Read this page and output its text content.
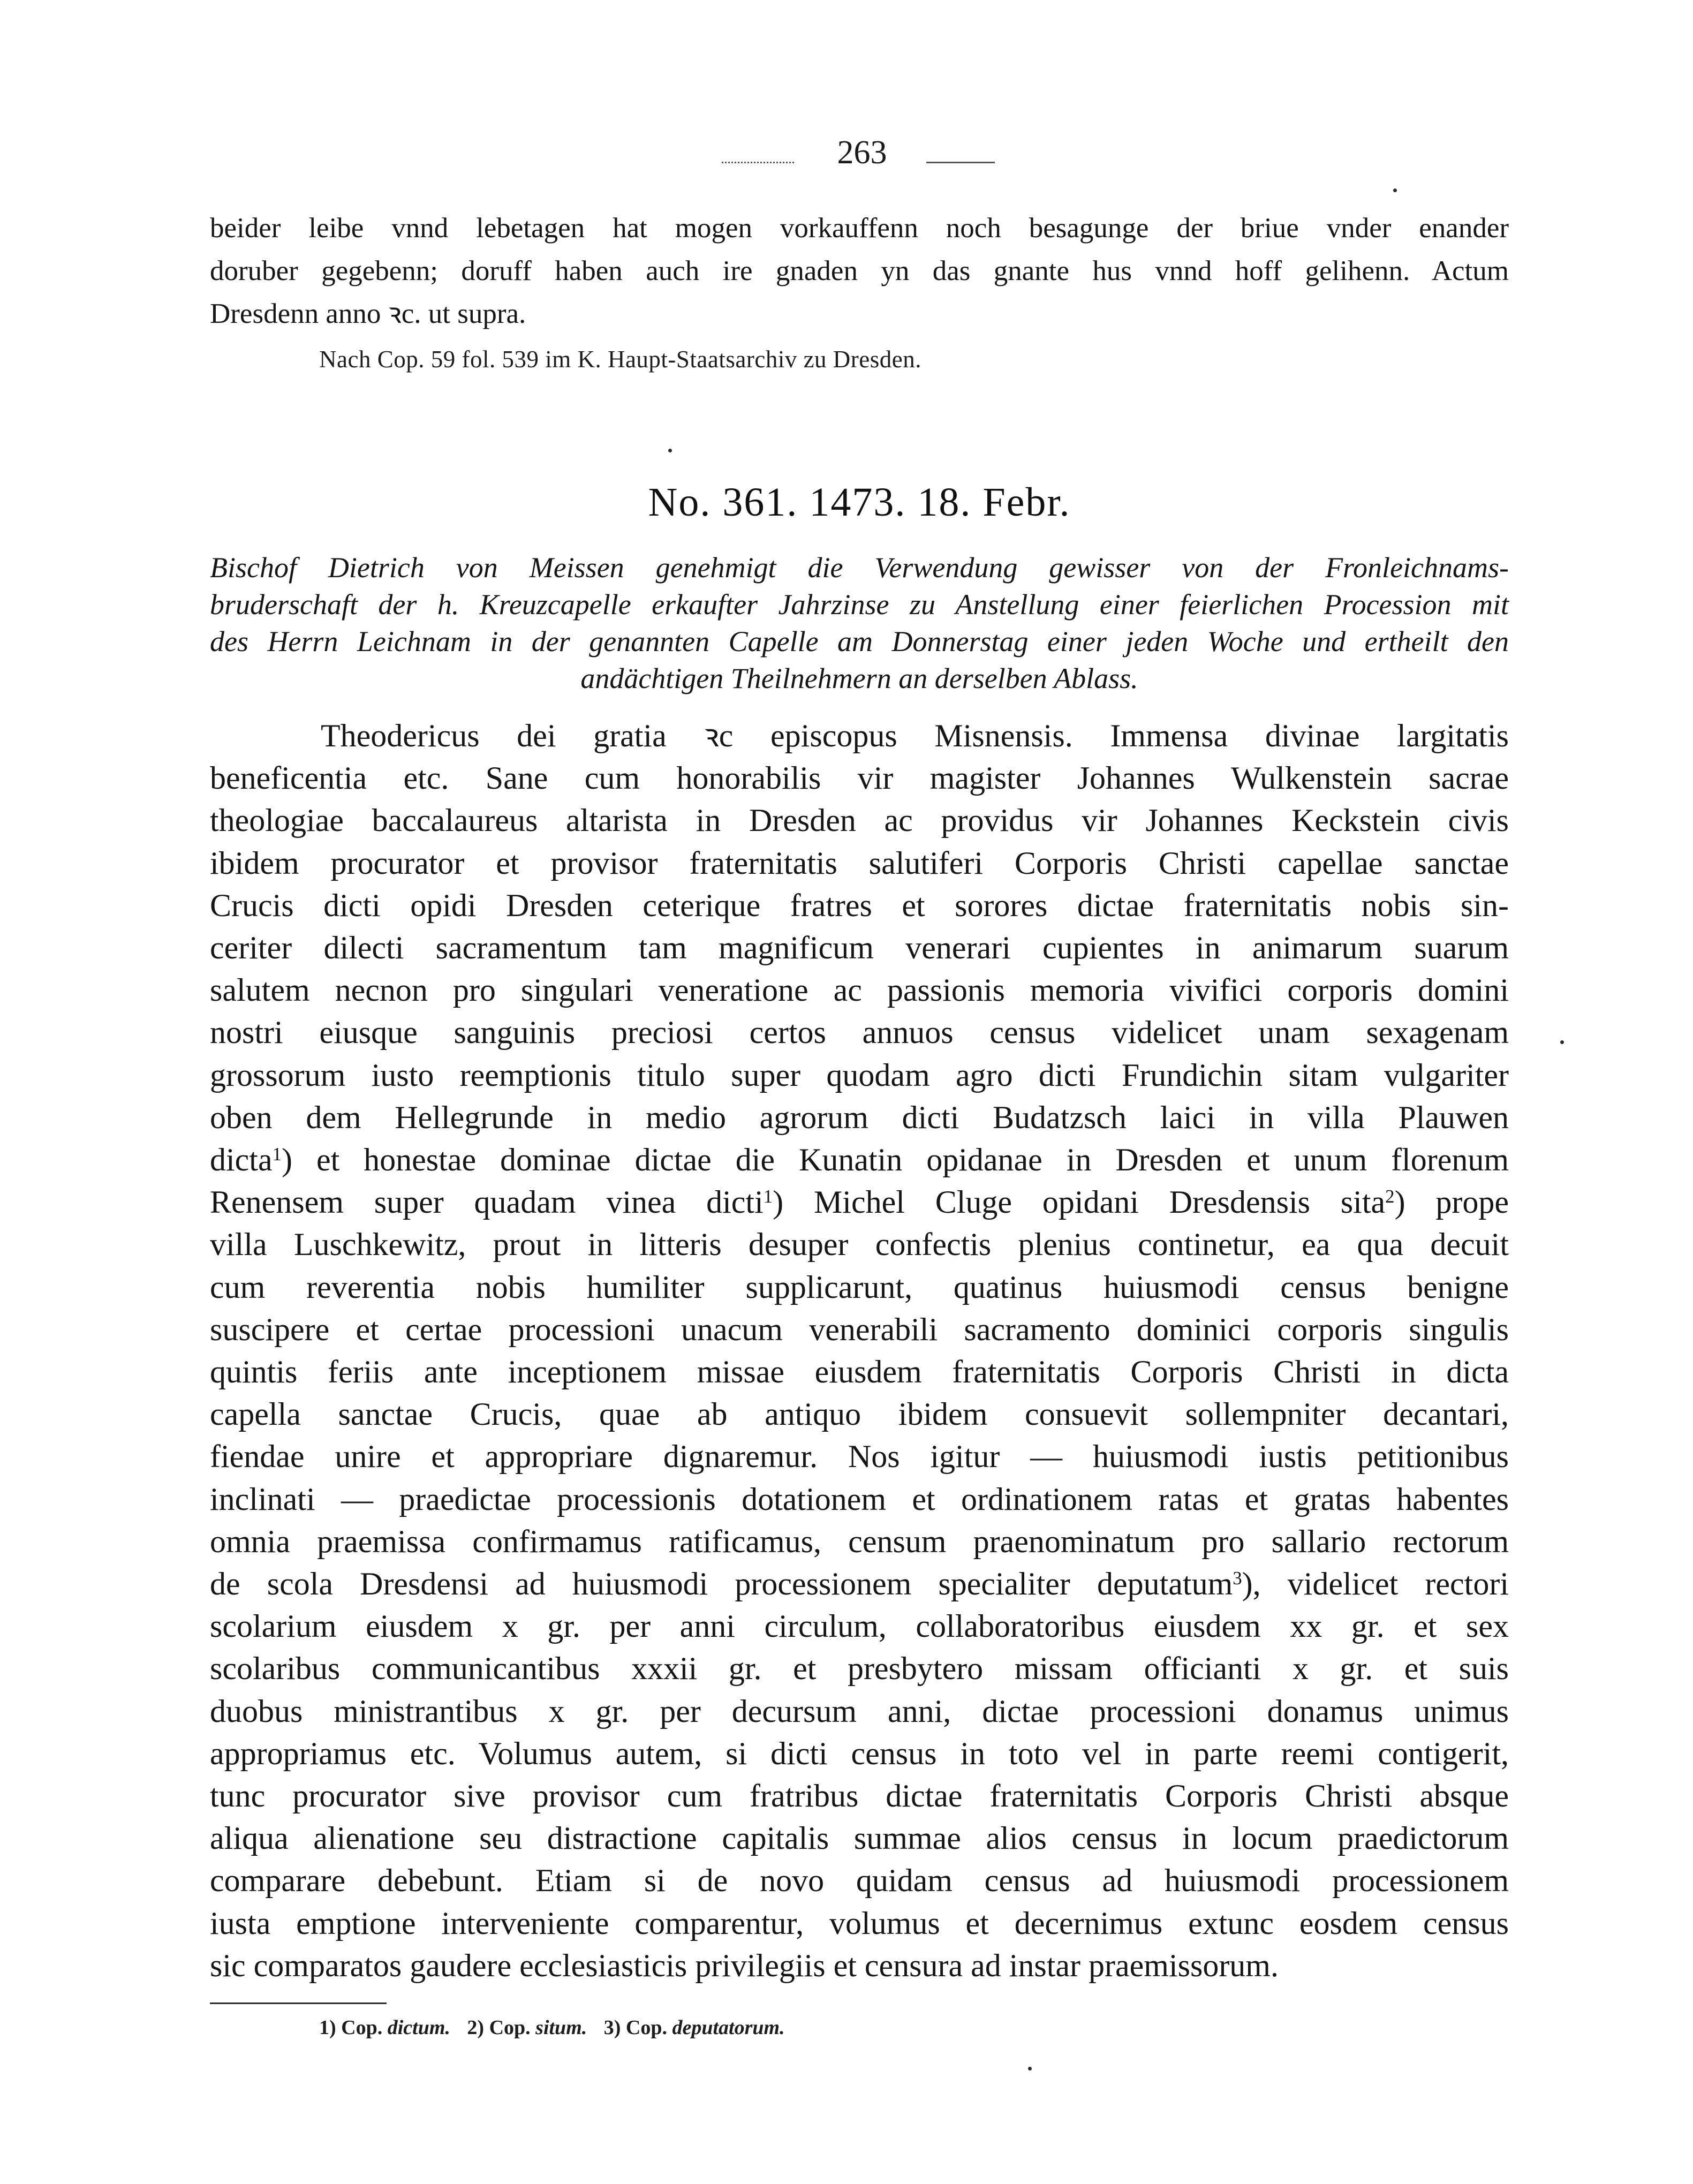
263
beider leibe vnnd lebetagen hat mogen vorkauffenn noch besagunge der briue vnder enander
doruber gegebenn; doruff haben auch ire gnaden yn das gnante hus vnnd hoff gelihenn. Actum
Dresdenn anno ꝛc. ut supra.
Nach Cop. 59 fol. 539 im K. Haupt-Staatsarchiv zu Dresden.
No. 361. 1473. 18. Febr.
Bischof Dietrich von Meissen genehmigt die Verwendung gewisser von der Fronleichnams-
bruderschaft der h. Kreuzcapelle erkaufter Jahrzinse zu Anstellung einer feierlichen Procession mit
des Herrn Leichnam in der genannten Capelle am Donnerstag einer jeden Woche und ertheilt den
andächtigen Theilnehmern an derselben Ablass.
Theodericus dei gratia ꝛc episcopus Misnensis. Immensa divinae largitatis
beneficentia etc. Sane cum honorabilis vir magister Johannes Wulkenstein sacrae
theologiae baccalaureus altarista in Dresden ac providus vir Johannes Keckstein civis
ibidem procurator et provisor fraternitatis salutiferi Corporis Christi capellae sanctae
Crucis dicti opidi Dresden ceterique fratres et sorores dictae fraternitatis nobis sin-
ceriter dilecti sacramentum tam magnificum venerari cupientes in animarum suarum
salutem necnon pro singulari veneratione ac passionis memoria vivifici corporis domini
nostri eiusque sanguinis preciosi certos annuos census videlicet unam sexagenam
grossorum iusto reemptionis titulo super quodam agro dicti Frundichin sitam vulgariter
oben dem Hellegrunde in medio agrorum dicti Budatzsch laici in villa Plauwen
dicta$^1$) et honestae dominae dictae die Kunatin opidanae in Dresden et unum florenum
Renensem super quadam vinea dicti$^1$) Michel Cluge opidani Dresdensis sita$^2$) prope
villa Luschkewitz, prout in litteris desuper confectis plenius continetur, ea qua decuit
cum reverentia nobis humiliter supplicarunt, quatinus huiusmodi census benigne
suscipere et certae processioni unacum venerabili sacramento dominici corporis singulis
quintis feriis ante inceptionem missae eiusdem fraternitatis Corporis Christi in dicta
capella sanctae Crucis, quae ab antiquo ibidem consuevit sollempniter decantari,
fiendae unire et appropriare dignaremur. Nos igitur — huiusmodi iustis petitionibus
inclinati — praedictae processionis dotationem et ordinationem ratas et gratas habentes
omnia praemissa confirmamus ratificamus, censum praenominatum pro sallario rectorum
de scola Dresdensi ad huiusmodi processionem specialiter deputatum$^3$), videlicet rectori
scolarium eiusdem x gr. per anni circulum, collaboratoribus eiusdem xx gr. et sex
scolaribus communicantibus xxxii gr. et presbytero missam officianti x gr. et suis
duobus ministrantibus x gr. per decursum anni, dictae processioni donamus unimus
appropriamus etc. Volumus autem, si dicti census in toto vel in parte reemi contigerit,
tunc procurator sive provisor cum fratribus dictae fraternitatis Corporis Christi absque
aliqua alienatione seu distractione capitalis summae alios census in locum praedictorum
comparare debebunt. Etiam si de novo quidam census ad huiusmodi processionem
iusta emptione interveniente comparentur, volumus et decernimus extunc eosdem census
sic comparatos gaudere ecclesiasticis privilegiis et censura ad instar praemissorum.
1) Cop. dictum. 2) Cop. situm. 3) Cop. deputatorum.
